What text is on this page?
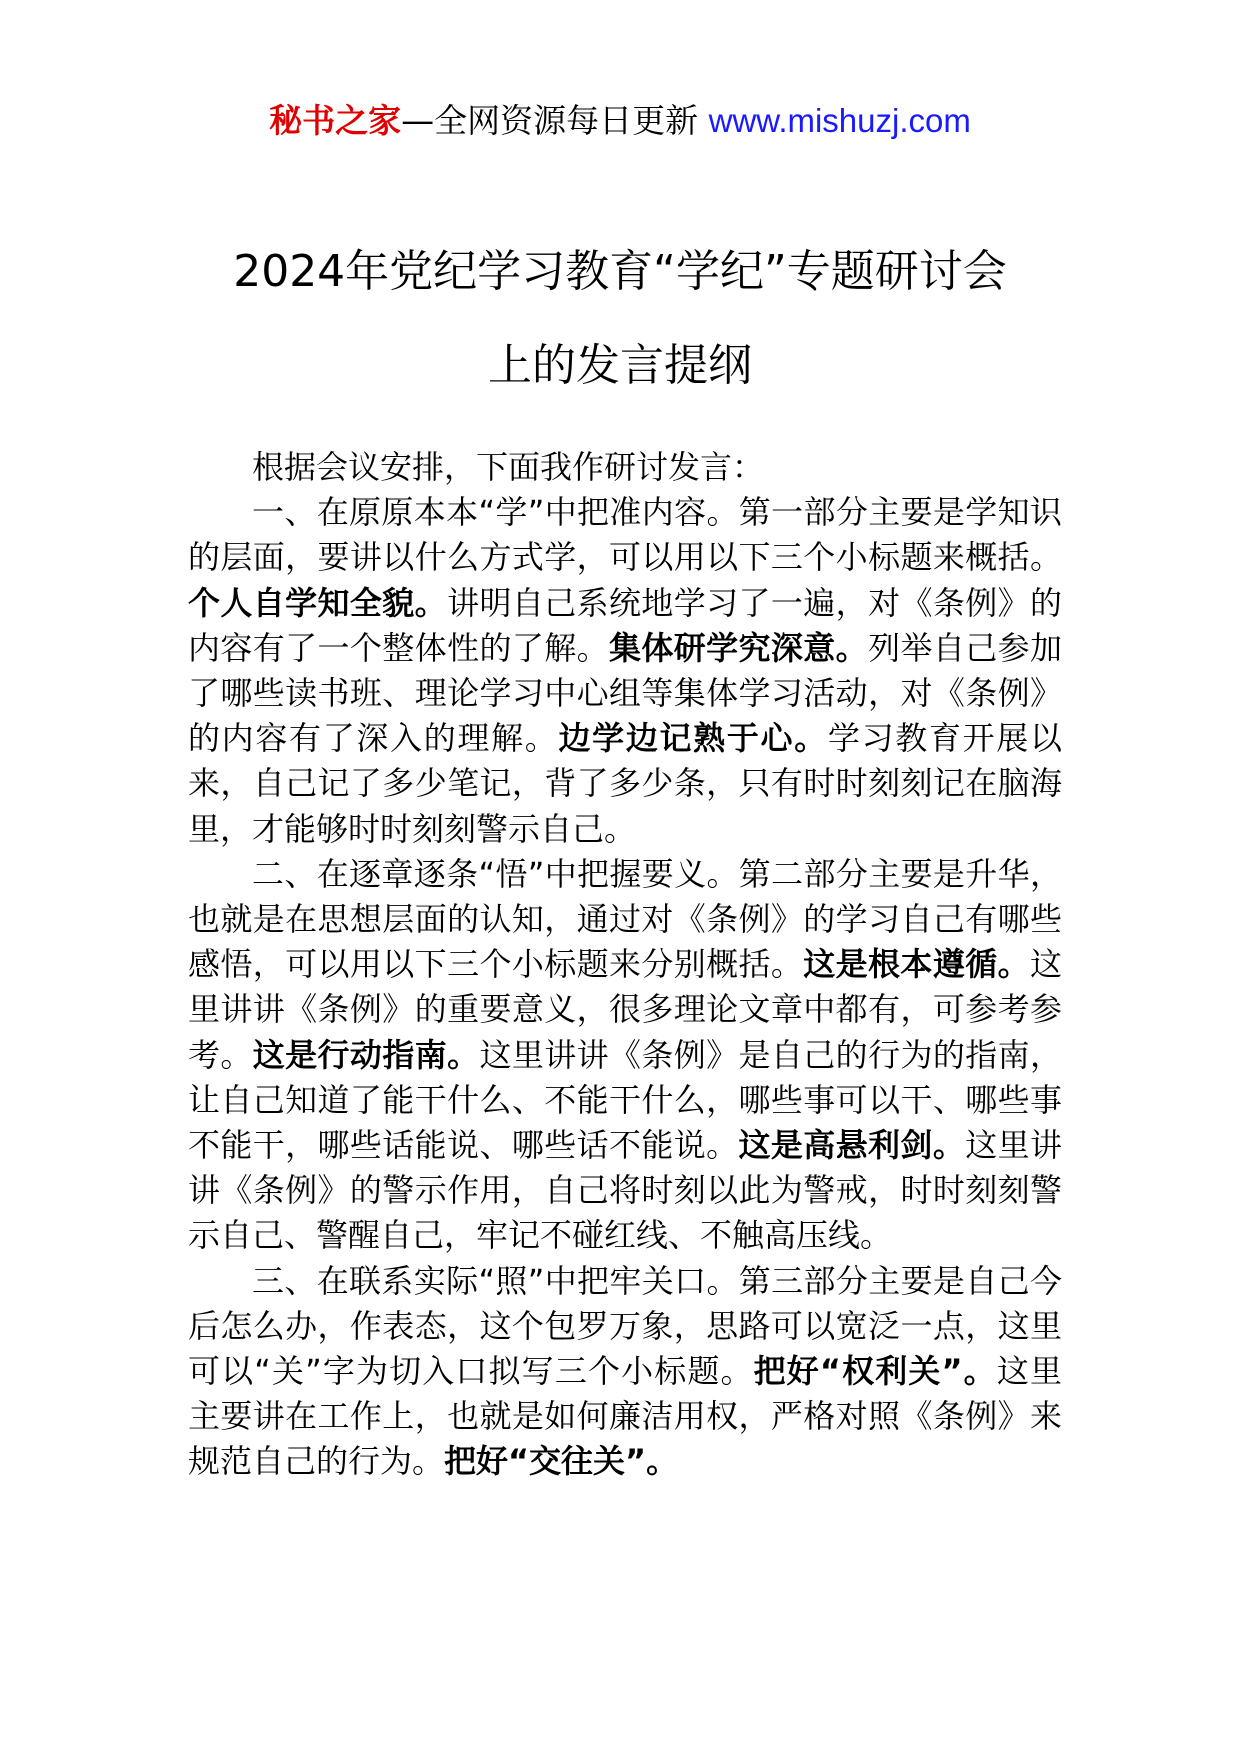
秘书之家—全网资源每日更新 www.mishuzj.com
2024年党纪学习教育“学纪”专题研讨会
上的发言提纲

根据会议安排，下面我作研讨发言：

一、在原原本本“学”中把准内容。第一部分主要是学知识的层面，要讲以什么方式学，可以用以下三个小标题来概括。个人自学知全貌。讲明自己系统地学习了一遍，对《条例》的内容有了一个整体性的了解。集体研学究深意。列举自己参加了哪些读书班、理论学习中心组等集体学习活动，对《条例》的内容有了深入的理解。边学边记熟于心。学习教育开展以来，自己记了多少笔记，背了多少条，只有时时刻刻记在脑海里，才能够时时刻刻警示自己。

二、在逐章逐条“悟”中把握要义。第二部分主要是升华，也就是在思想层面的认知，通过对《条例》的学习自己有哪些感悟，可以用以下三个小标题来分别概括。这是根本遵循。这里讲讲《条例》的重要意义，很多理论文章中都有，可参考参考。这是行动指南。这里讲讲《条例》是自己的行为的指南，让自己知道了能干什么、不能干什么，哪些事可以干、哪些事不能干，哪些话能说、哪些话不能说。这是高悬利剑。这里讲讲《条例》的警示作用，自己将时刻以此为警戒，时时刻刻警示自己、警醒自己，牢记不碰红线、不触高压线。

三、在联系实际“照”中把牢关口。第三部分主要是自己今后怎么办，作表态，这个包罗万象，思路可以宽泛一点，这里可以“关”字为切入口拟写三个小标题。把好“权利关”。这里主要讲在工作上，也就是如何廉洁用权，严格对照《条例》来规范自己的行为。把好“交往关”。
